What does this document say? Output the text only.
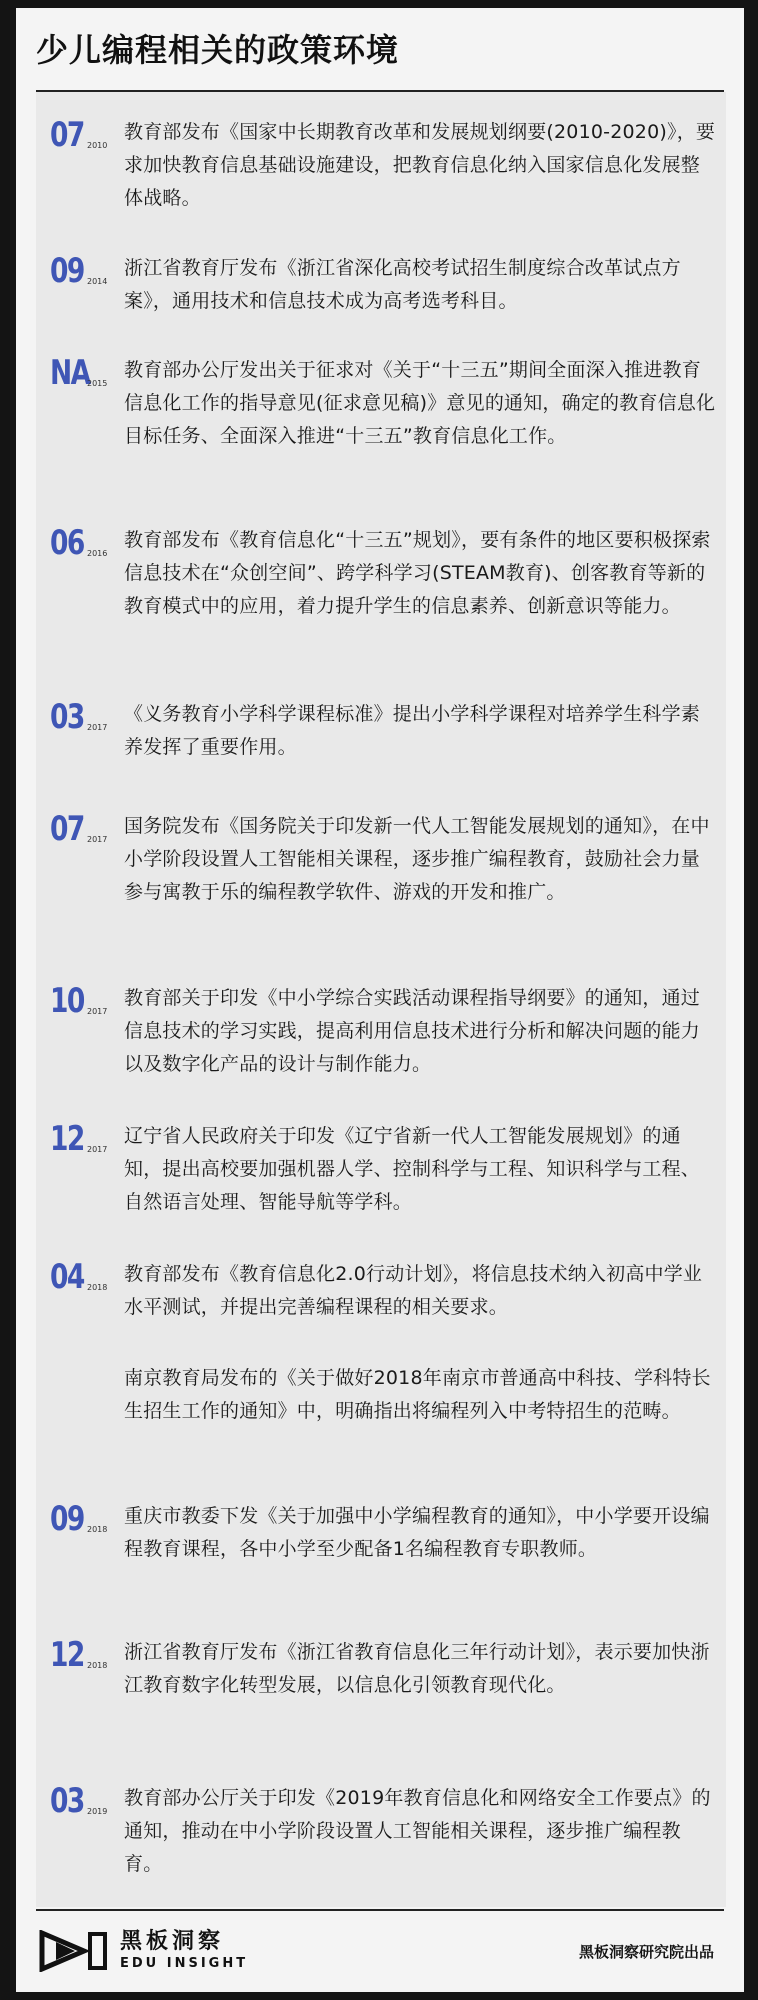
少儿编程相关的政策环境
07 2010

教育部发布《国家中长期教育改革和发展规划纲要(2010-2020)》，要求加快教育信息基础设施建设，把教育信息化纳入国家信息化发展整体战略。

09 2014

浙江省教育厅发布《浙江省深化高校考试招生制度综合改革试点方案》，通用技术和信息技术成为高考选考科目。

NA
2015

教育部办公厅发出关于征求对《关于“十三五”期间全面深入推进教育信息化工作的指导意见(征求意见稿)》意见的通知，确定的教育信息化目标任务、全面深入推进“十三五”教育信息化工作。

06 2016

教育部发布《教育信息化“十三五”规划》，要有条件的地区要积极探索信息技术在“众创空间”、跨学科学习(STEAM教育)、创客教育等新的教育模式中的应用，着力提升学生的信息素养、创新意识等能力。

03 2017

《义务教育小学科学课程标准》提出小学科学课程对培养学生科学素养发挥了重要作用。

07 2017

国务院发布《国务院关于印发新一代人工智能发展规划的通知》，在中小学阶段设置人工智能相关课程，逐步推广编程教育，鼓励社会力量参与寓教于乐的编程教学软件、游戏的开发和推广。

10 2017

教育部关于印发《中小学综合实践活动课程指导纲要》的通知，通过信息技术的学习实践，提高利用信息技术进行分析和解决问题的能力以及数字化产品的设计与制作能力。

12 2017

辽宁省人民政府关于印发《辽宁省新一代人工智能发展规划》的通知，提出高校要加强机器人学、控制科学与工程、知识科学与工程、自然语言处理、智能导航等学科。

04 2018

教育部发布《教育信息化2.0行动计划》，将信息技术纳入初高中学业水平测试，并提出完善编程课程的相关要求。

南京教育局发布的《关于做好2018年南京市普通高中科技、学科特长生招生工作的通知》中，明确指出将编程列入中考特招生的范畴。

09 2018

重庆市教委下发《关于加强中小学编程教育的通知》，中小学要开设编程教育课程，各中小学至少配备1名编程教育专职教师。

12 2018

浙江省教育厅发布《浙江省教育信息化三年行动计划》，表示要加快浙江教育数字化转型发展，以信息化引领教育现代化。

03 2019

教育部办公厅关于印发《2019年教育信息化和网络安全工作要点》的通知，推动在中小学阶段设置人工智能相关课程，逐步推广编程教育。

黑板洞察
EDU INSIGHT
黑板洞察研究院出品
